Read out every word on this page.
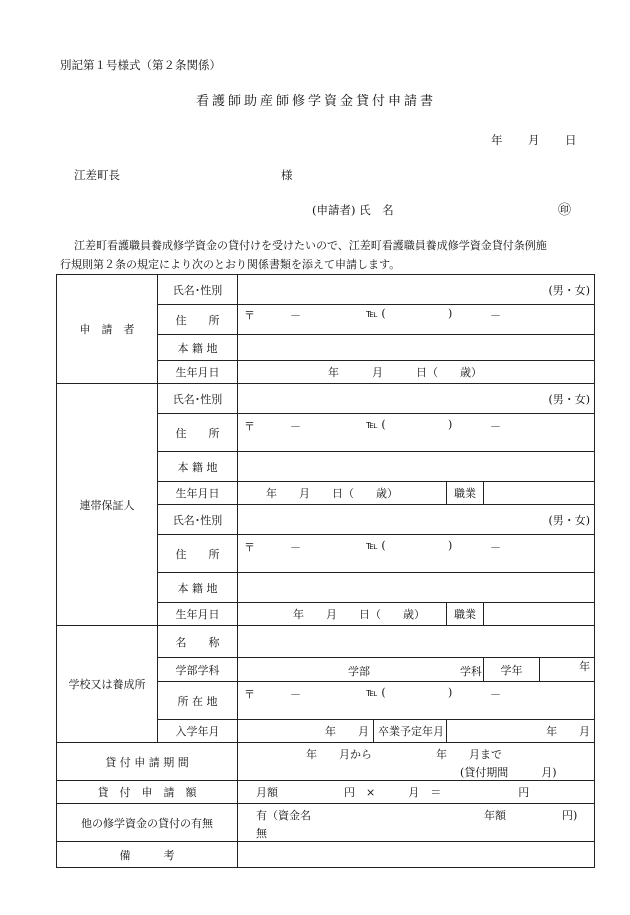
別記第１号様式（第２条関係）
看護師助産師修学資金貸付申請書
年 月 日
江差町長	様
(申請者) 氏　名	㊞
江差町看護職員養成修学資金の貸付けを受けたいので、江差町看護職員養成修学資金貸付条例施
行規則第２条の規定により次のとおり関係書類を添えて申請します。
申　請　者	氏名･性別	(男・女)				
	住　　所	〒 － ℡ ( ) －				

	本 籍 地					
	生年月日	年　　　月　　　日（　　歳）				

連帯保証人	氏名･性別	(男・女)				
	住　　所	〒 － ℡ ( ) －				

	本 籍 地					
	生年月日	年　　月　　日（　　歳）		職業		
	氏名･性別	(男・女)				
	住　　所	〒 － ℡ ( ) －				

	本 籍 地					
	生年月日	年　　月　　日（　　歳）		職業		
学校又は養成所	名　　称					
	学部学科	学部 学科			学年	年
	所 在 地	〒 － ℡ ( ) －				

	入学年月	年　　月	卒業予定年月	年　　月		
貸 付 申 請 期 間		年　　月から 年　　月まで
(貸付期間　　　月)				

貸　付　申　請　額		月額　　　　　　円　×　　　月　＝　　　　　　　円				

他の修学資金の貸付の有無		有（資金名 年額 円)
無				

備　　　考						
